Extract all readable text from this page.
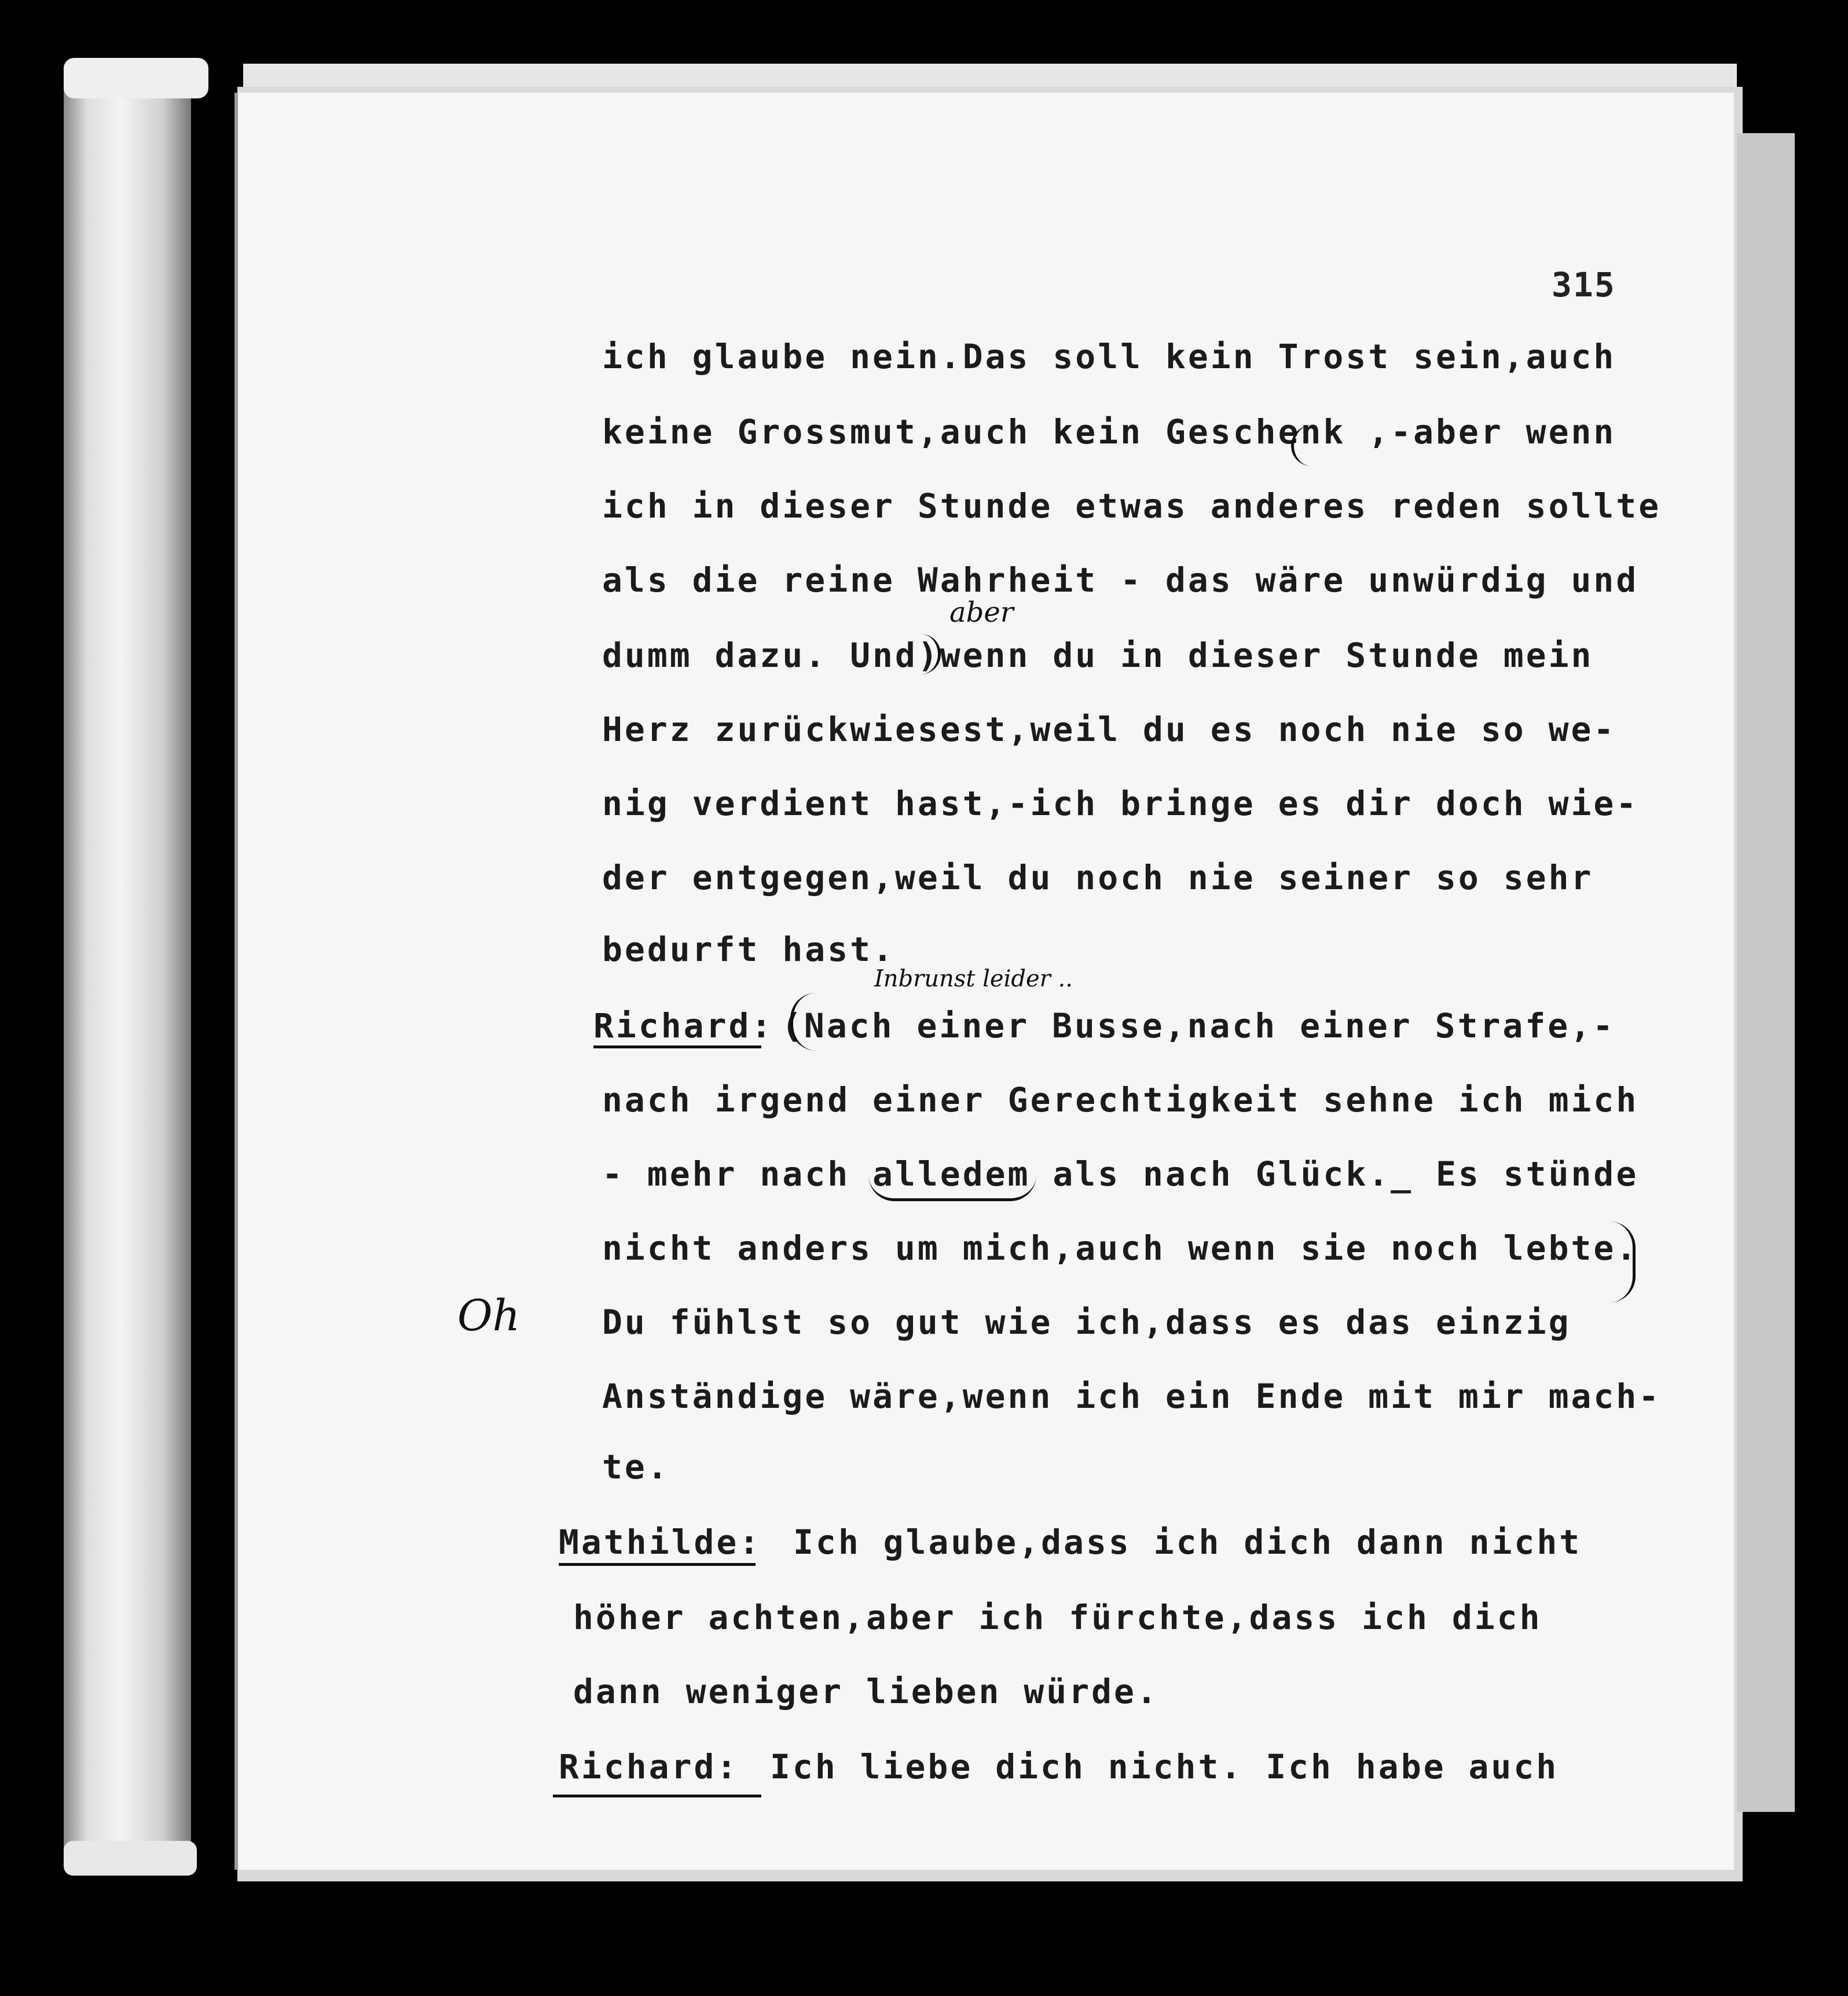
315
ich glaube nein.Das soll kein Trost sein,auch
keine Grossmut,auch kein Geschenk ,-aber wenn
ich in dieser Stunde etwas anderes reden sollte
als die reine Wahrheit - das wäre unwürdig und
dumm dazu. Und)wenn du in dieser Stunde mein
Herz zurückwiesest,weil du es noch nie so we-
nig verdient hast,-ich bringe es dir doch wie-
der entgegen,weil du noch nie seiner so sehr
bedurft hast.
Richard: (Nach einer Busse,nach einer Strafe,-
nach irgend einer Gerechtigkeit sehne ich mich
- mehr nach alledem als nach Glück._ Es stünde
nicht anders um mich,auch wenn sie noch lebte.
Du fühlst so gut wie ich,dass es das einzig
Anständige wäre,wenn ich ein Ende mit mir mach-
te.
Mathilde: Ich glaube,dass ich dich dann nicht
höher achten,aber ich fürchte,dass ich dich
dann weniger lieben würde.
Richard: Ich liebe dich nicht. Ich habe auch
aber
Inbrunst leider ..
Oh
